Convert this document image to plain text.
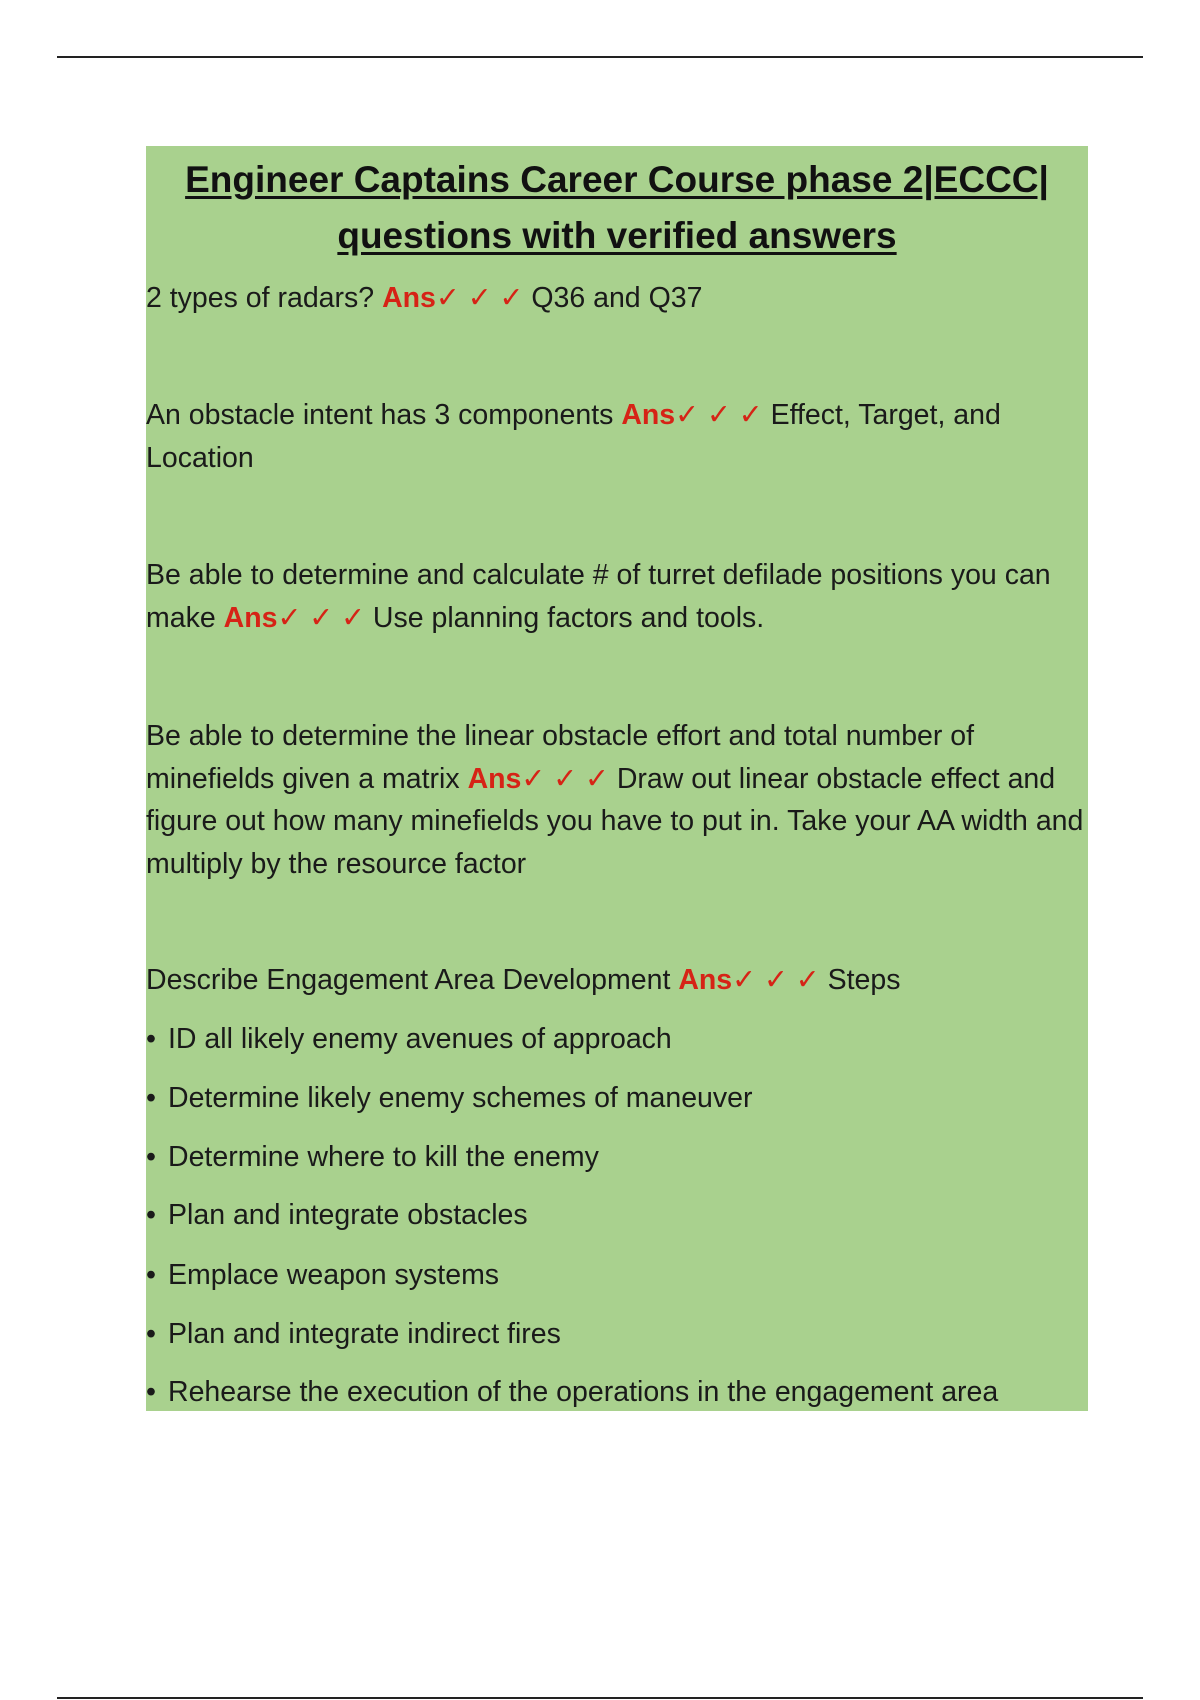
Engineer Captains Career Course phase 2|ECCC|
questions with verified answers
2 types of radars? Ans✓ ✓ ✓ Q36 and Q37
An obstacle intent has 3 components Ans✓ ✓ ✓ Effect, Target, and Location
Be able to determine and calculate # of turret defilade positions you can make Ans✓ ✓ ✓ Use planning factors and tools.
Be able to determine the linear obstacle effort and total number of minefields given a matrix Ans✓ ✓ ✓ Draw out linear obstacle effect and figure out how many minefields you have to put in. Take your AA width and multiply by the resource factor
Describe Engagement Area Development Ans✓ ✓ ✓ Steps
• ID all likely enemy avenues of approach
• Determine likely enemy schemes of maneuver
• Determine where to kill the enemy
• Plan and integrate obstacles
• Emplace weapon systems
• Plan and integrate indirect fires
• Rehearse the execution of the operations in the engagement area
